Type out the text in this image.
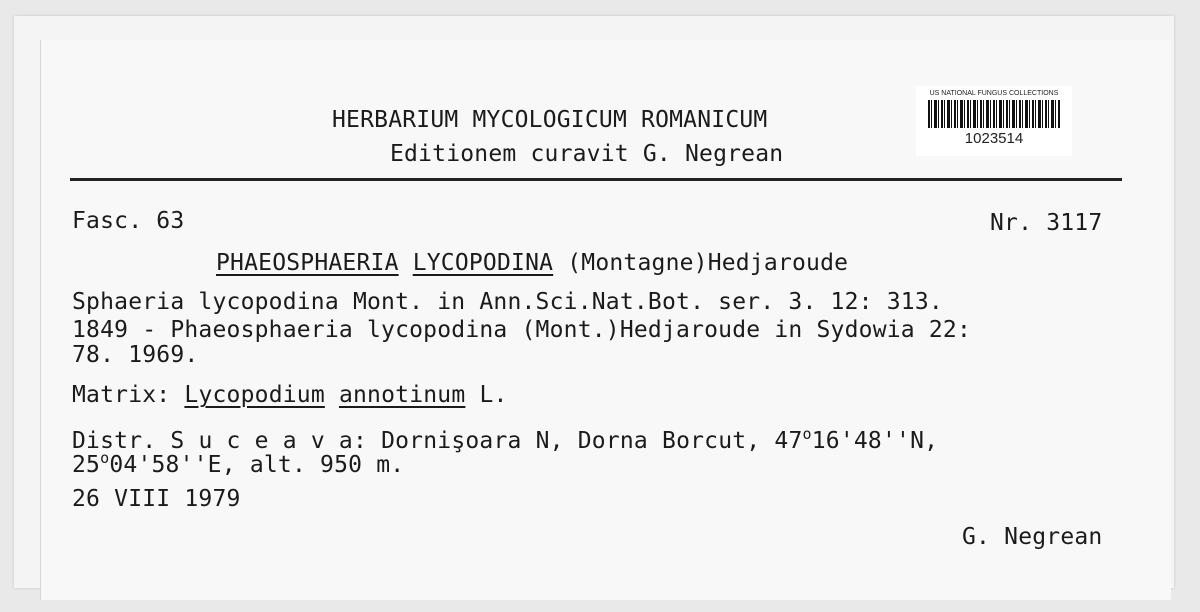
HERBARIUM MYCOLOGICUM ROMANICUM
Editionem curavit G. Negrean
US NATIONAL FUNGUS COLLECTIONS
1023514
Fasc. 63	Nr. 3117
PHAEOSPHAERIA LYCOPODINA (Montagne)Hedjaroude
Sphaeria lycopodina Mont. in Ann.Sci.Nat.Bot. ser. 3. 12: 313.
1849 - Phaeosphaeria lycopodina (Mont.)Hedjaroude in Sydowia 22:
78. 1969.
Matrix: Lycopodium annotinum L.
Distr. S u c e a v a: Dornişoara N, Dorna Borcut, 47$^o$16'48''N,
25$^o$04'58''E, alt. 950 m.
26 VIII 1979
G. Negrean
